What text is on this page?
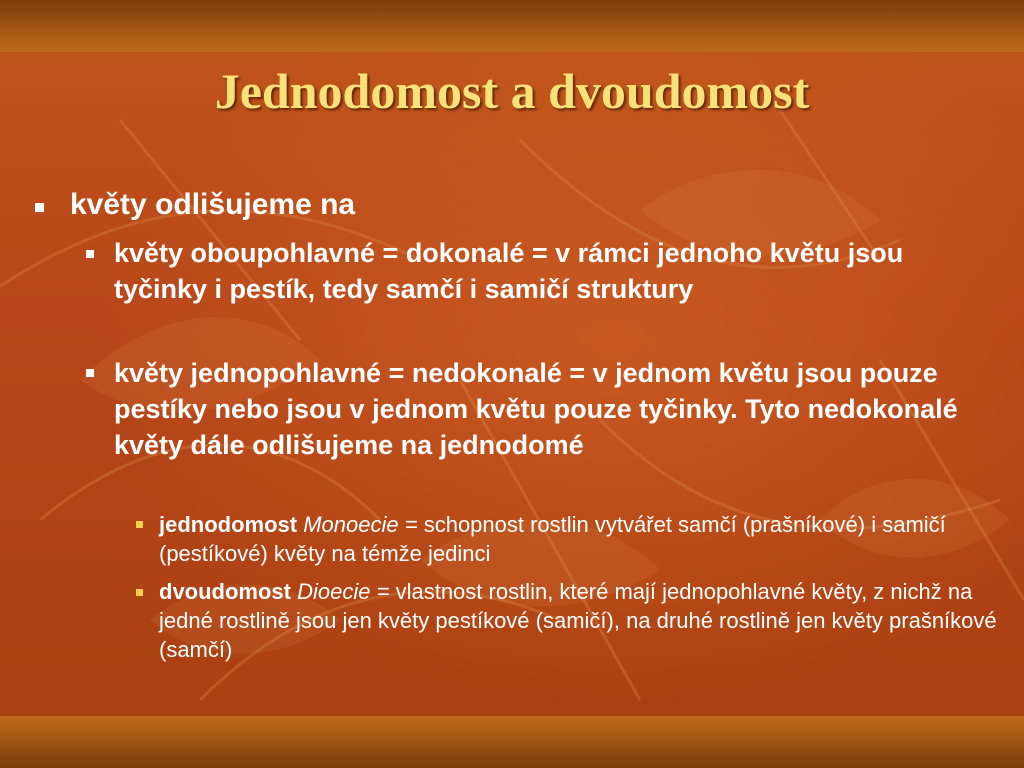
Jednodomost a dvoudomost
květy odlišujeme na
květy oboupohlavné = dokonalé = v rámci jednoho květu jsou tyčinky i pestík, tedy samčí i samičí struktury
květy jednopohlavné = nedokonalé = v jednom květu jsou pouze pestíky nebo jsou v jednom květu pouze tyčinky. Tyto nedokonalé květy dále odlišujeme na jednodomé
jednodomost Monoecie = schopnost rostlin vytvářet samčí (prašníkové) i samičí (pestíkové) květy na témže jedinci
dvoudomost Dioecie = vlastnost rostlin, které mají jednopohlavné květy, z nichž na jedné rostlině jsou jen květy pestíkové (samičí), na druhé rostlině jen květy prašníkové (samčí)
